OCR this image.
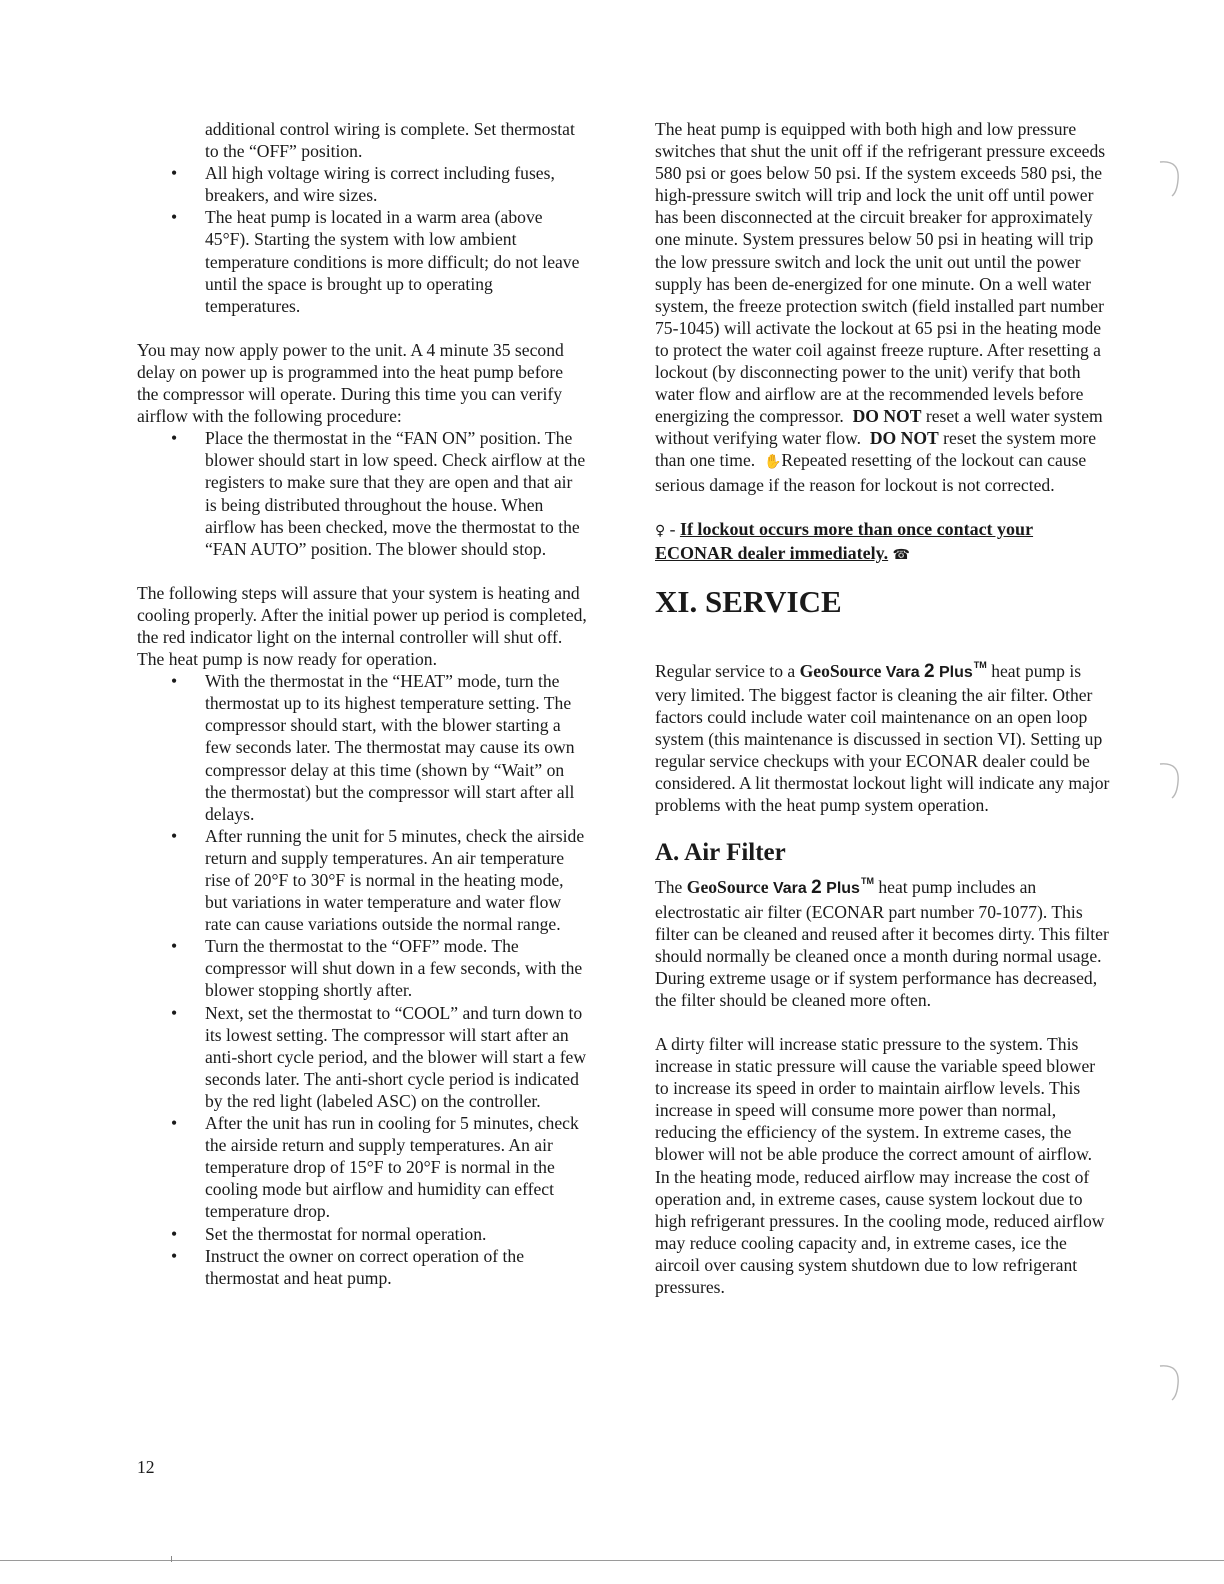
additional control wiring is complete. Set thermostat to the “OFF” position.

• All high voltage wiring is correct including fuses, breakers, and wire sizes.
• The heat pump is located in a warm area (above 45°F). Starting the system with low ambient temperature conditions is more difficult; do not leave until the space is brought up to operating temperatures.

You may now apply power to the unit. A 4 minute 35 second delay on power up is programmed into the heat pump before the compressor will operate. During this time you can verify airflow with the following procedure:

• Place the thermostat in the “FAN ON” position. The blower should start in low speed. Check airflow at the registers to make sure that they are open and that air is being distributed throughout the house. When airflow has been checked, move the thermostat to the “FAN AUTO” position. The blower should stop.

The following steps will assure that your system is heating and cooling properly. After the initial power up period is completed, the red indicator light on the internal controller will shut off. The heat pump is now ready for operation.

• With the thermostat in the “HEAT” mode, turn the thermostat up to its highest temperature setting. The compressor should start, with the blower starting a few seconds later. The thermostat may cause its own compressor delay at this time (shown by “Wait” on the thermostat) but the compressor will start after all delays.
• After running the unit for 5 minutes, check the airside return and supply temperatures. An air temperature rise of 20°F to 30°F is normal in the heating mode, but variations in water temperature and water flow rate can cause variations outside the normal range.
• Turn the thermostat to the “OFF” mode. The compressor will shut down in a few seconds, with the blower stopping shortly after.
• Next, set the thermostat to “COOL” and turn down to its lowest setting. The compressor will start after an anti-short cycle period, and the blower will start a few seconds later. The anti-short cycle period is indicated by the red light (labeled ASC) on the controller.
• After the unit has run in cooling for 5 minutes, check the airside return and supply temperatures. An air temperature drop of 15°F to 20°F is normal in the cooling mode but airflow and humidity can effect temperature drop.
• Set the thermostat for normal operation.
• Instruct the owner on correct operation of the thermostat and heat pump.

The heat pump is equipped with both high and low pressure switches that shut the unit off if the refrigerant pressure exceeds 580 psi or goes below 50 psi. If the system exceeds 580 psi, the high-pressure switch will trip and lock the unit off until power has been disconnected at the circuit breaker for approximately one minute. System pressures below 50 psi in heating will trip the low pressure switch and lock the unit out until the power supply has been de-energized for one minute. On a well water system, the freeze protection switch (field installed part number 75-1045) will activate the lockout at 65 psi in the heating mode to protect the water coil against freeze rupture. After resetting a lockout (by disconnecting power to the unit) verify that both water flow and airflow are at the recommended levels before energizing the compressor. DO NOT reset a well water system without verifying water flow. DO NOT reset the system more than one time. ✋Repeated resetting of the lockout can cause serious damage if the reason for lockout is not corrected.

♀ - If lockout occurs more than once contact your ECONAR dealer immediately. ☎

XI. SERVICE

Regular service to a GeoSource Vara 2 Plus™ heat pump is very limited. The biggest factor is cleaning the air filter. Other factors could include water coil maintenance on an open loop system (this maintenance is discussed in section VI). Setting up regular service checkups with your ECONAR dealer could be considered. A lit thermostat lockout light will indicate any major problems with the heat pump system operation.

A. Air Filter

The GeoSource Vara 2 Plus™ heat pump includes an electrostatic air filter (ECONAR part number 70-1077). This filter can be cleaned and reused after it becomes dirty. This filter should normally be cleaned once a month during normal usage. During extreme usage or if system performance has decreased, the filter should be cleaned more often.

A dirty filter will increase static pressure to the system. This increase in static pressure will cause the variable speed blower to increase its speed in order to maintain airflow levels. This increase in speed will consume more power than normal, reducing the efficiency of the system. In extreme cases, the blower will not be able produce the correct amount of airflow. In the heating mode, reduced airflow may increase the cost of operation and, in extreme cases, cause system lockout due to high refrigerant pressures. In the cooling mode, reduced airflow may reduce cooling capacity and, in extreme cases, ice the aircoil over causing system shutdown due to low refrigerant pressures.

12
